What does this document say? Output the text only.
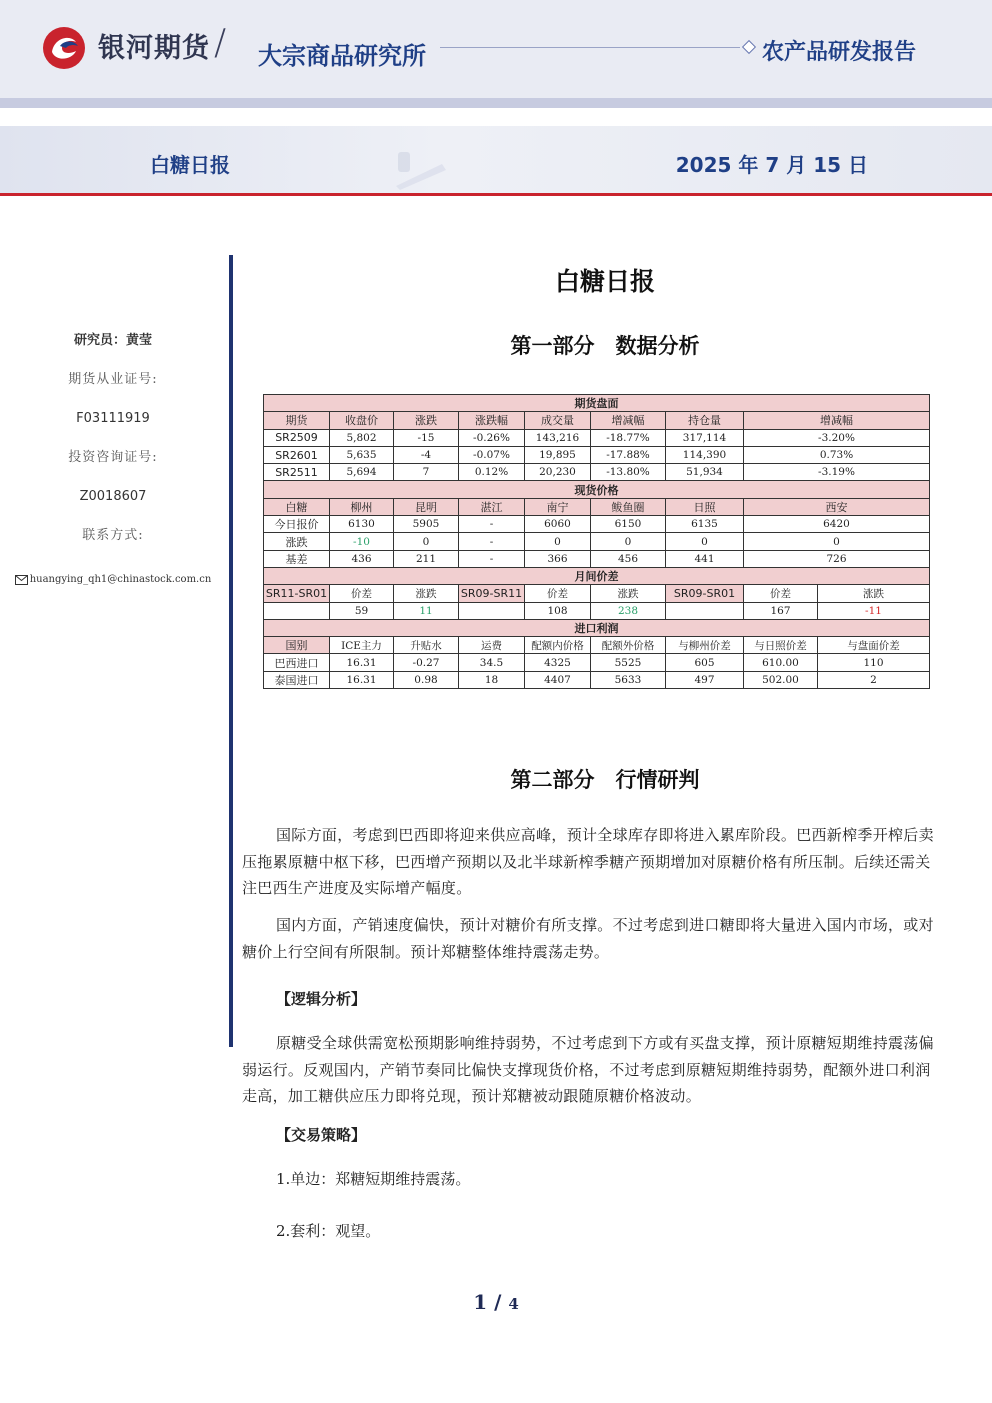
银河期货 / 大宗商品研究所	农产品研发报告
白糖日报	2025 年 7 月 15 日
研究员：黄莹
期货从业证号:
F03111919
投资咨询证号:
Z0018607
联系方式:
huangying_qh1@chinastock.com.cn
白糖日报
第一部分　数据分析
期货盘面								
期货	收盘价	涨跌	涨跌幅	成交量	增减幅	持仓量	增减幅	
SR2509	5,802	-15	-0.26%	143,216	-18.77%	317,114	-3.20%	
SR2601	5,635	-4	-0.07%	19,895	-17.88%	114,390	0.73%	
SR2511	5,694	7	0.12%	20,230	-13.80%	51,934	-3.19%	
现货价格								
白糖	柳州	昆明	湛江	南宁	鲅鱼圈	日照	西安	
今日报价	6130	5905	-	6060	6150	6135	6420	
涨跌	-10	0	-	0	0	0	0	
基差	436	211	-	366	456	441	726	
月间价差								
SR11-SR01	价差	涨跌	SR09-SR11	价差	涨跌	SR09-SR01	价差	涨跌
	59	11		108	238		167	-11
进口利润								
国别	ICE主力	升贴水	运费	配额内价格	配额外价格	与柳州价差	与日照价差	与盘面价差
巴西进口	16.31	-0.27	34.5	4325	5525	605	610.00	110
泰国进口	16.31	0.98	18	4407	5633	497	502.00	2
第二部分　行情研判
国际方面，考虑到巴西即将迎来供应高峰，预计全球库存即将进入累库阶段。巴西新榨季开榨后卖压拖累原糖中枢下移，巴西增产预期以及北半球新榨季糖产预期增加对原糖价格有所压制。后续还需关注巴西生产进度及实际增产幅度。
国内方面，产销速度偏快，预计对糖价有所支撑。不过考虑到进口糖即将大量进入国内市场，或对糖价上行空间有所限制。预计郑糖整体维持震荡走势。
【逻辑分析】
原糖受全球供需宽松预期影响维持弱势，不过考虑到下方或有买盘支撑，预计原糖短期维持震荡偏弱运行。反观国内，产销节奏同比偏快支撑现货价格，不过考虑到原糖短期维持弱势，配额外进口利润走高，加工糖供应压力即将兑现，预计郑糖被动跟随原糖价格波动。
【交易策略】
1.单边：郑糖短期维持震荡。
2.套利：观望。
1 / 4
